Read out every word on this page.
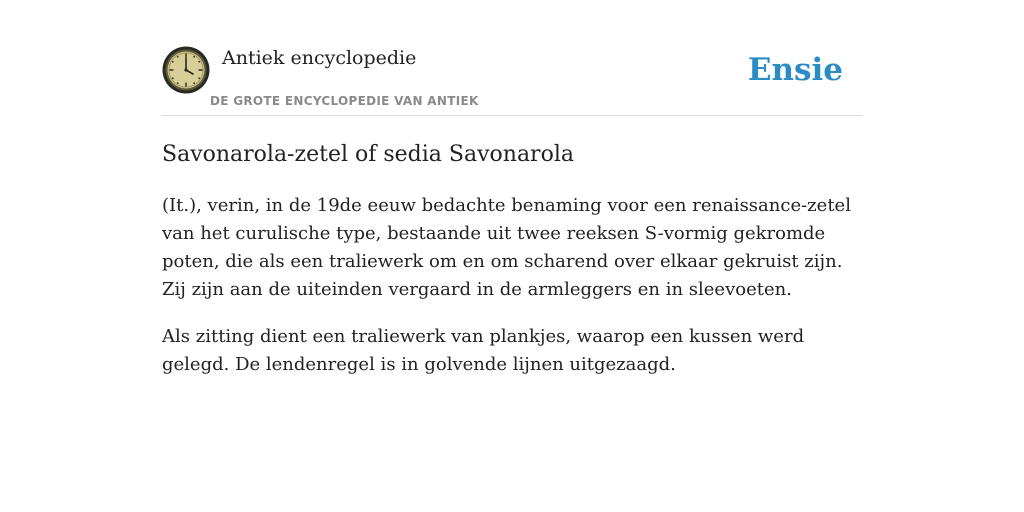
Antiek encyclopedie
DE GROTE ENCYCLOPEDIE VAN ANTIEK
Ensie
Savonarola-zetel of sedia Savonarola

(It.), verin, in de 19de eeuw bedachte benaming voor een renaissance-zetel van het curulische type, bestaande uit twee reeksen S-vormig gekromde poten, die als een traliewerk om en om scharend over elkaar gekruist zijn. Zij zijn aan de uiteinden vergaard in de armleggers en in sleevoeten.

Als zitting dient een traliewerk van plankjes, waarop een kussen werd gelegd. De lendenregel is in golvende lijnen uitgezaagd.
